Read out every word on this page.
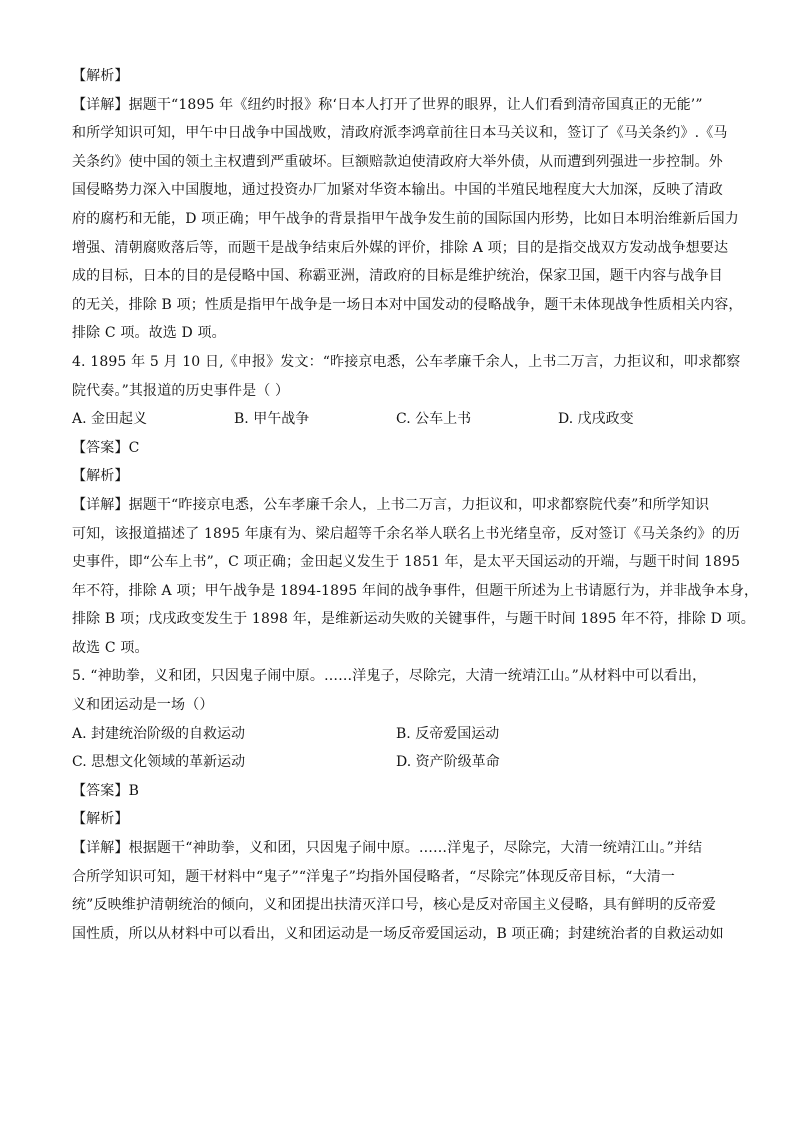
【解析】
【详解】据题干“1895 年《纽约时报》称‘日本人打开了世界的眼界，让人们看到清帝国真正的无能’”
和所学知识可知，甲午中日战争中国战败，清政府派李鸿章前往日本马关议和，签订了《马关条约》.《马
关条约》使中国的领土主权遭到严重破坏。巨额赔款迫使清政府大举外债，从而遭到列强进一步控制。外
国侵略势力深入中国腹地，通过投资办厂加紧对华资本输出。中国的半殖民地程度大大加深，反映了清政
府的腐朽和无能，D 项正确；甲午战争的背景指甲午战争发生前的国际国内形势，比如日本明治维新后国力
增强、清朝腐败落后等，而题干是战争结束后外媒的评价，排除 A 项；目的是指交战双方发动战争想要达
成的目标，日本的目的是侵略中国、称霸亚洲，清政府的目标是维护统治，保家卫国，题干内容与战争目
的无关，排除 B 项；性质是指甲午战争是一场日本对中国发动的侵略战争，题干未体现战争性质相关内容，
排除 C 项。故选 D 项。
4. 1895 年 5 月 10 日,《申报》发文：“昨接京电悉，公车孝廉千余人，上书二万言，力拒议和，叩求都察
院代奏。”其报道的历史事件是（ ）
A. 金田起义	B. 甲午战争	C. 公车上书	D. 戊戌政变
【答案】C
【解析】
【详解】据题干“昨接京电悉，公车孝廉千余人，上书二万言，力拒议和，叩求都察院代奏”和所学知识
可知，该报道描述了 1895 年康有为、梁启超等千余名举人联名上书光绪皇帝，反对签订《马关条约》的历
史事件，即“公车上书”，C 项正确；金田起义发生于 1851 年，是太平天国运动的开端，与题干时间 1895
年不符，排除 A 项；甲午战争是 1894-1895 年间的战争事件，但题干所述为上书请愿行为，并非战争本身，
排除 B 项；戊戌政变发生于 1898 年，是维新运动失败的关键事件，与题干时间 1895 年不符，排除 D 项。
故选 C 项。
5. “神助拳，义和团，只因鬼子闹中原。……洋鬼子，尽除完，大清一统靖江山。”从材料中可以看出，
义和团运动是一场（）
A. 封建统治阶级的自救运动	B. 反帝爱国运动
C. 思想文化领域的革新运动	D. 资产阶级革命
【答案】B
【解析】
【详解】根据题干“神助拳，义和团，只因鬼子闹中原。……洋鬼子，尽除完，大清一统靖江山。”并结
合所学知识可知，题干材料中“鬼子”“洋鬼子”均指外国侵略者，“尽除完”体现反帝目标，“大清一
统”反映维护清朝统治的倾向，义和团提出扶清灭洋口号，核心是反对帝国主义侵略，具有鲜明的反帝爱
国性质，所以从材料中可以看出，义和团运动是一场反帝爱国运动，B 项正确；封建统治者的自救运动如
